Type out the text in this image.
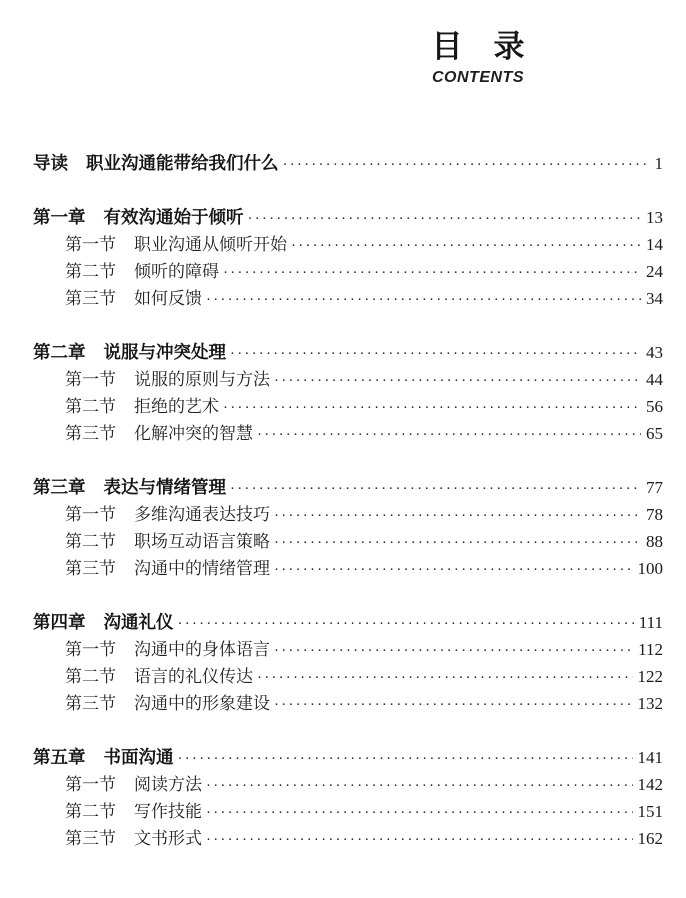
目　录
CONTENTS
导读 职业沟通能带给我们什么 ·····	1
第一章 有效沟通始于倾听 ·····	13
第一节 职业沟通从倾听开始 ·····	14
第二节 倾听的障碍 ·····	24
第三节 如何反馈 ·····	34
第二章 说服与冲突处理 ·····	43
第一节 说服的原则与方法 ·····	44
第二节 拒绝的艺术 ·····	56
第三节 化解冲突的智慧 ·····	65
第三章 表达与情绪管理 ·····	77
第一节 多维沟通表达技巧 ·····	78
第二节 职场互动语言策略 ·····	88
第三节 沟通中的情绪管理 ·····	100
第四章 沟通礼仪 ·····	111
第一节 沟通中的身体语言 ·····	112
第二节 语言的礼仪传达 ·····	122
第三节 沟通中的形象建设 ·····	132
第五章 书面沟通 ·····	141
第一节 阅读方法 ·····	142
第二节 写作技能 ·····	151
第三节 文书形式 ·····	162
